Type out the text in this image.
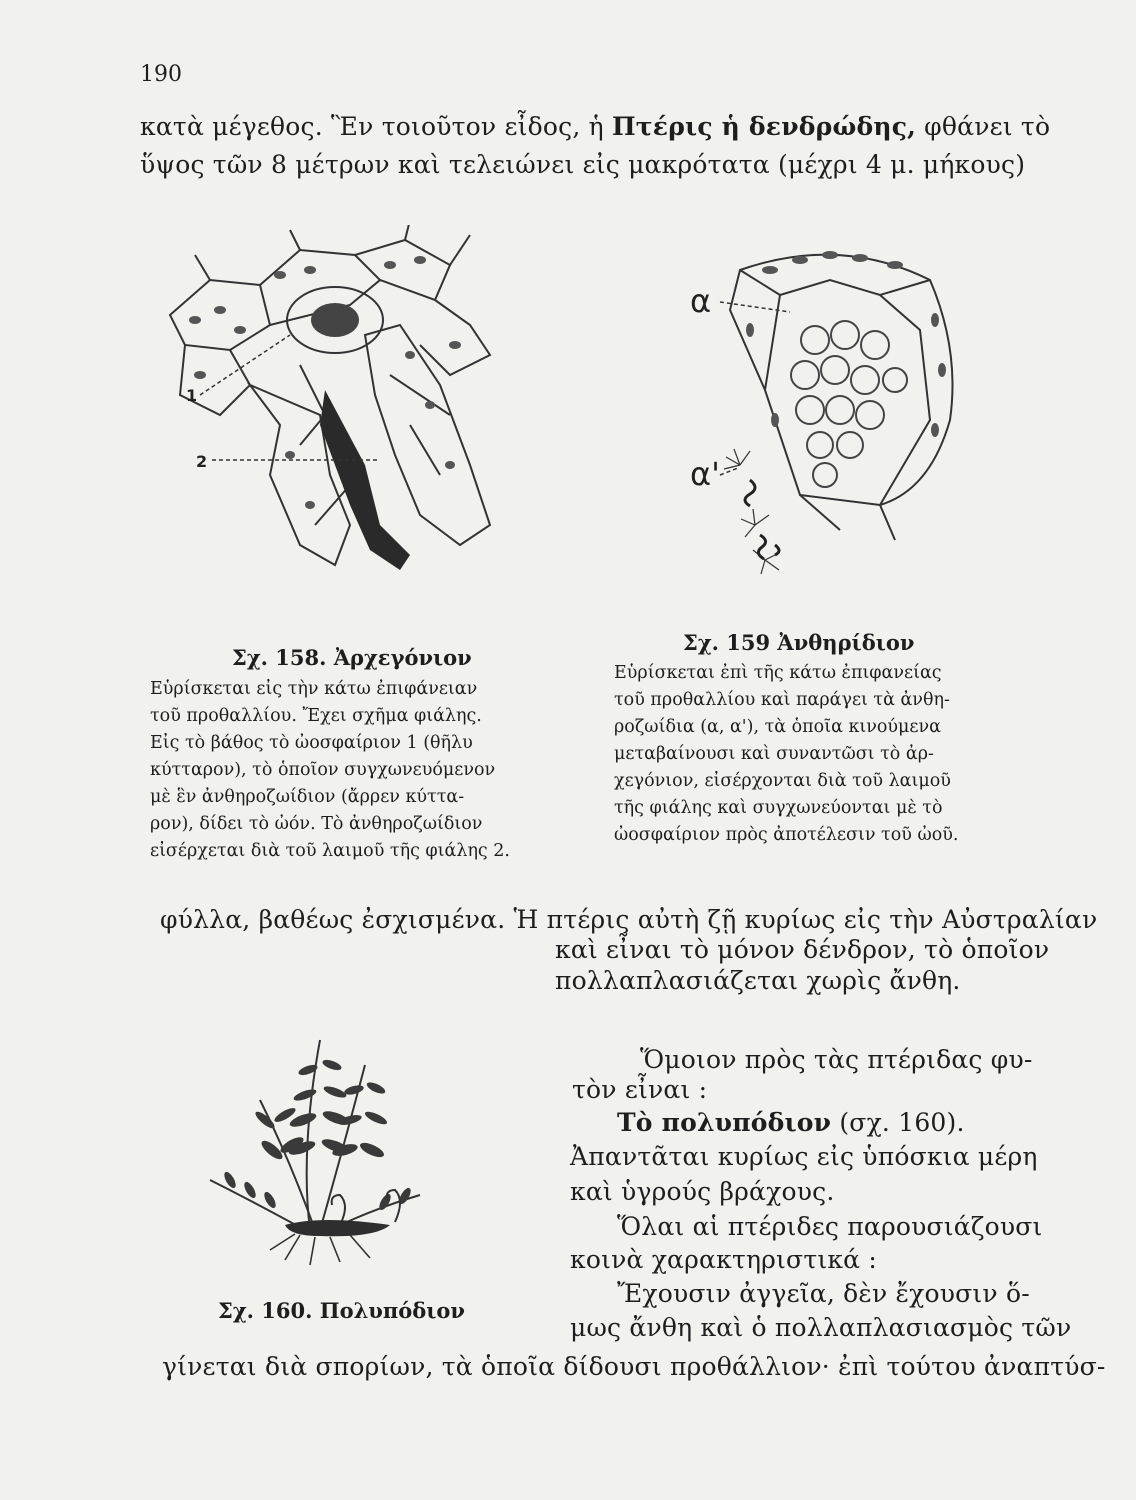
190
κατὰ μέγεθος. Ἓν τοιοῦτον εἶδος, ἡ Πτέρις ἡ δενδρώδης, φθάνει τὸ
ὕψος τῶν 8 μέτρων καὶ τελειώνει εἰς μακρότατα (μέχρι 4 μ. μήκους)
1
2
α
α'
Σχ. 158. Ἀρχεγόνιον
Σχ. 159 Ἀνθηρίδιον
Εὑρίσκεται εἰς τὴν κάτω ἐπιφάνειαν
τοῦ προθαλλίου. Ἔχει σχῆμα φιάλης.
Εἰς τὸ βάθος τὸ ὠοσφαίριον 1 (θῆλυ
κύτταρον), τὸ ὁποῖον συγχωνευόμενον
μὲ ἓν ἀνθηροζωίδιον (ἄρρεν κύττα-
ρον), δίδει τὸ ὠόν. Τὸ ἀνθηροζωίδιον
εἰσέρχεται διὰ τοῦ λαιμοῦ τῆς φιάλης 2.
Εὑρίσκεται ἐπὶ τῆς κάτω ἐπιφανείας
τοῦ προθαλλίου καὶ παράγει τὰ ἀνθη-
ροζωίδια (α, α'), τὰ ὁποῖα κινούμενα
μεταβαίνουσι καὶ συναντῶσι τὸ ἀρ-
χεγόνιον, εἰσέρχονται διὰ τοῦ λαιμοῦ
τῆς φιάλης καὶ συγχωνεύονται μὲ τὸ
ὠοσφαίριον πρὸς ἀποτέλεσιν τοῦ ὠοῦ.
φύλλα, βαθέως ἐσχισμένα. Ἡ πτέρις αὐτὴ ζῇ κυρίως εἰς τὴν Αὐστραλίαν
καὶ εἶναι τὸ μόνον δένδρον, τὸ ὁποῖον
πολλαπλασιάζεται χωρὶς ἄνθη.
Ὅμοιον πρὸς τὰς πτέριδας φυ-
τὸν εἶναι :
Τὸ πολυπόδιον (σχ. 160).
Ἀπαντᾶται κυρίως εἰς ὑπόσκια μέρη
καὶ ὑγρούς βράχους.
Ὅλαι αἱ πτέριδες παρουσιάζουσι
κοινὰ χαρακτηριστικά :
Ἔχουσιν ἀγγεῖα, δὲν ἔχουσιν ὅ-
μως ἄνθη καὶ ὁ πολλαπλασιασμὸς τῶν
Σχ. 160. Πολυπόδιον
γίνεται διὰ σπορίων, τὰ ὁποῖα δίδουσι προθάλλιον· ἐπὶ τούτου ἀναπτύσ-
